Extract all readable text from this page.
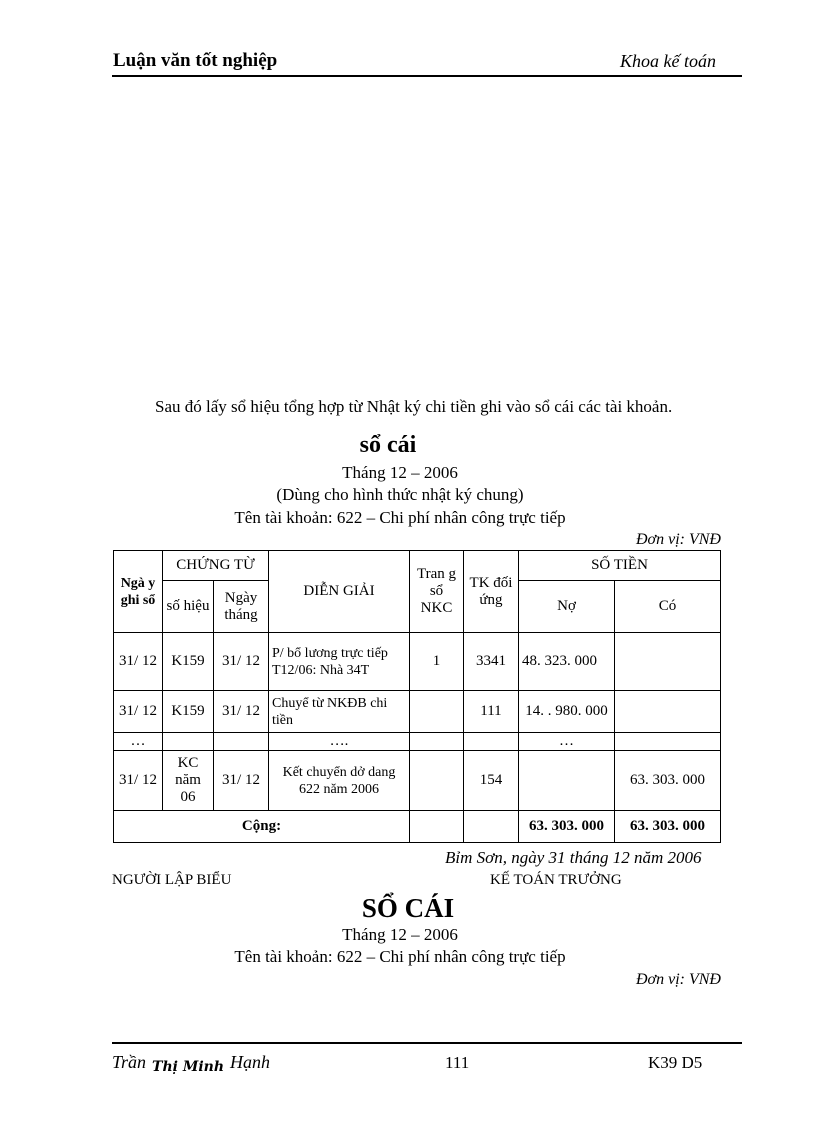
Luận văn tốt nghiệp	Khoa kế toán
Sau đó lấy sổ hiệu tổng hợp từ Nhật ký chi tiền ghi vào sổ cái các tài khoản.
sổ cái
Tháng 12 – 2006
(Dùng cho hình thức nhật ký chung)
Tên tài khoản: 622 – Chi phí nhân công trực tiếp
Đơn vị: VNĐ
Ngà y ghi sổ	CHỨNG TỪ		DIỄN GIẢI	Tran g sổ NKC	TK đối ứng	SỐ TIỀN	
	số hiệu	Ngày tháng				Nợ	Có
31/ 12	K159	31/ 12	P/ bổ lương trực tiếp T12/06: Nhà 34T	1	3341	48. 323. 000	
31/ 12	K159	31/ 12	Chuyể từ NKĐB chi tiền		111	14. . 980. 000	
…			….			…	
31/ 12	KC năm 06	31/ 12	Kết chuyển dở dang 622 năm 2006		154		63. 303. 000
Cộng:						63. 303. 000	63. 303. 000
Bỉm Sơn, ngày 31 tháng 12 năm 2006
NGƯỜI LẬP BIỂU	KẾ TOÁN TRƯỞNG
SỔ CÁI
Tháng 12 – 2006
Tên tài khoản: 622 – Chi phí nhân công trực tiếp
Đơn vị: VNĐ
Trần Thị Minh Hạnh	111	K39 D5
